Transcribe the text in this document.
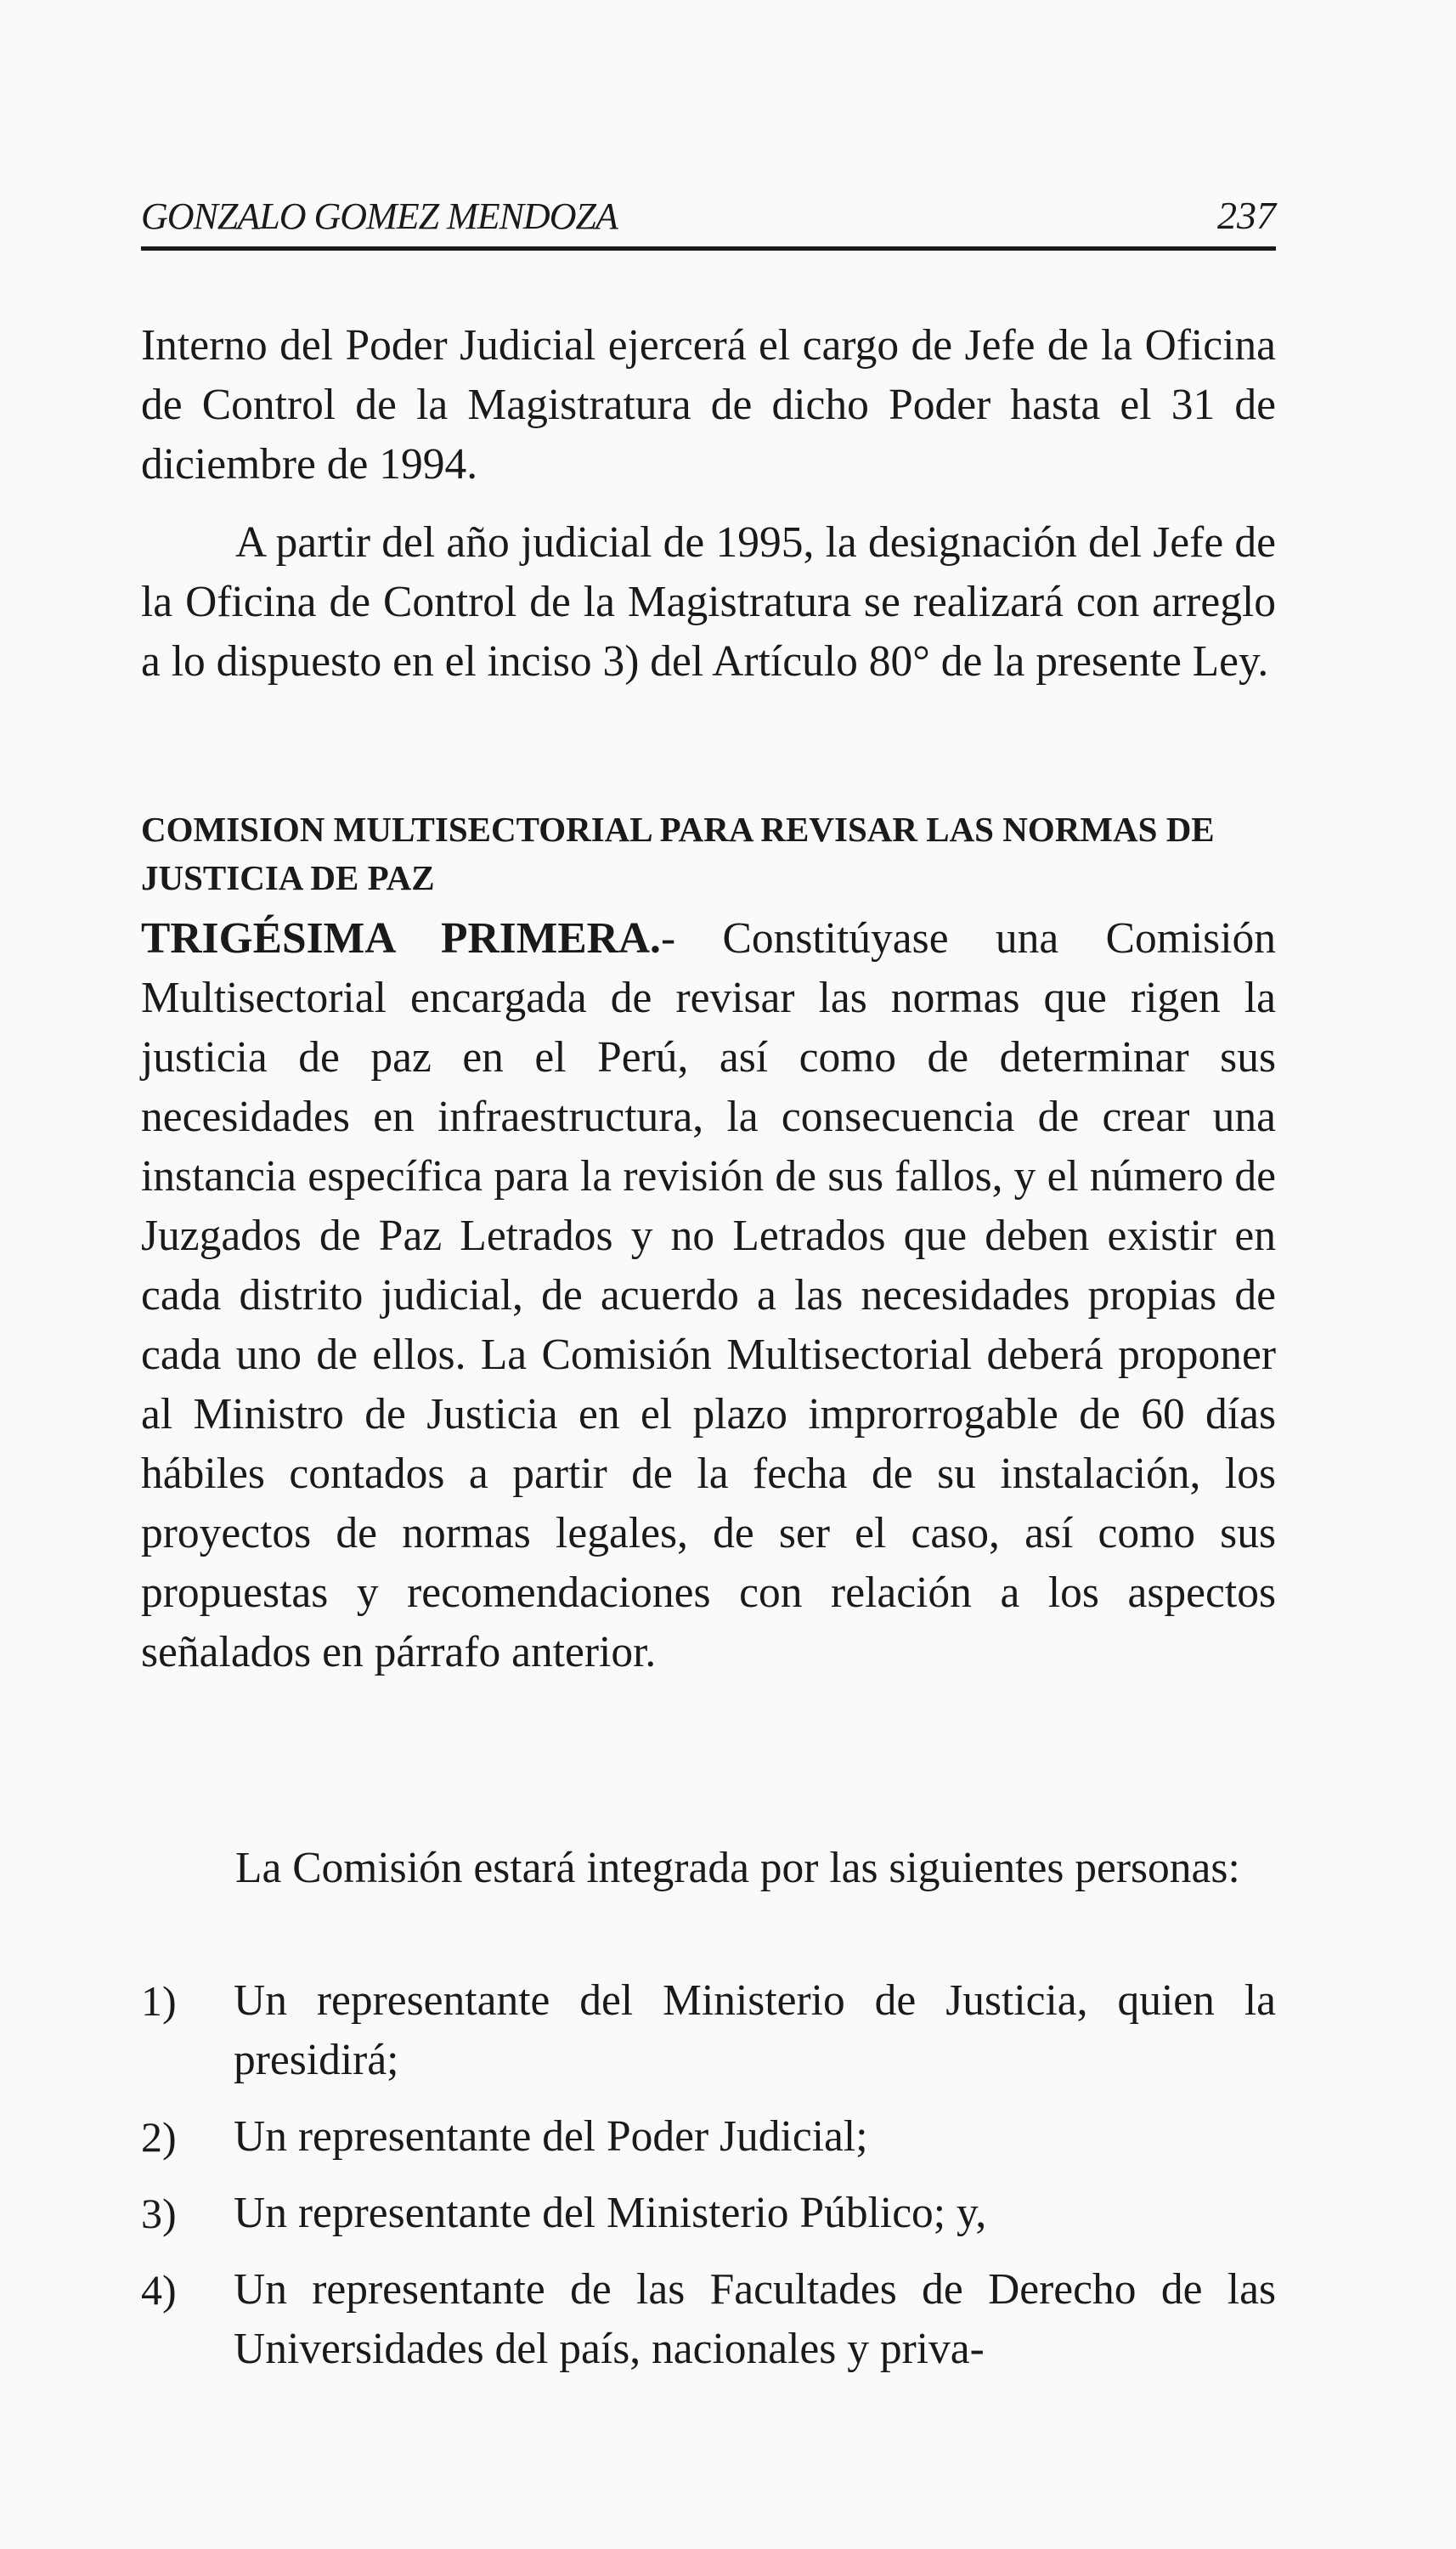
GONZALO GOMEZ MENDOZA	237

Interno del Poder Judicial ejercerá el cargo de Jefe de la Oficina de Control de la Magistratura de dicho Poder hasta el 31 de diciembre de 1994.

A partir del año judicial de 1995, la designación del Jefe de la Oficina de Control de la Magistratura se realizará con arreglo a lo dispuesto en el inciso 3) del Artículo 80° de la presente Ley.

COMISION MULTISECTORIAL PARA REVISAR LAS NORMAS DE JUSTICIA DE PAZ

TRIGÉSIMA PRIMERA.- Constitúyase una Comisión Multisectorial encargada de revisar las normas que rigen la justicia de paz en el Perú, así como de determinar sus necesidades en infraestructura, la consecuencia de crear una instancia específica para la revisión de sus fallos, y el número de Juzgados de Paz Letrados y no Letrados que deben existir en cada distrito judicial, de acuerdo a las necesidades propias de cada uno de ellos. La Comisión Multisectorial deberá proponer al Ministro de Justicia en el plazo improrrogable de 60 días hábiles contados a partir de la fecha de su instalación, los proyectos de normas legales, de ser el caso, así como sus propuestas y recomendaciones con relación a los aspectos señalados en párrafo anterior.

La Comisión estará integrada por las siguientes personas:

1) Un representante del Ministerio de Justicia, quien la presidirá;
2) Un representante del Poder Judicial;
3) Un representante del Ministerio Público; y,
4) Un representante de las Facultades de Derecho de las Universidades del país, nacionales y priva-
